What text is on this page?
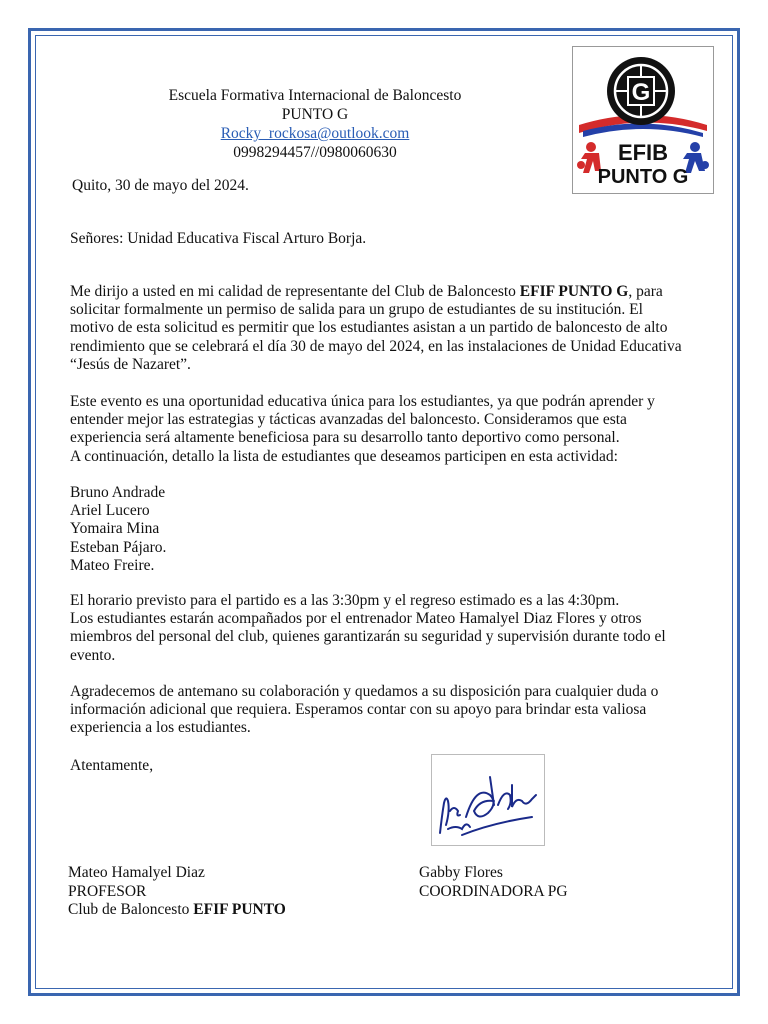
Escuela Formativa Internacional de Baloncesto
PUNTO G
Rocky_rockosa@outlook.com
0998294457//0980060630
G
EFIB
PUNTO G
Quito, 30 de mayo del 2024.
Señores: Unidad Educativa Fiscal Arturo Borja.

Me dirijo a usted en mi calidad de representante del Club de Baloncesto EFIF PUNTO G, para solicitar formalmente un permiso de salida para un grupo de estudiantes de su institución. El motivo de esta solicitud es permitir que los estudiantes asistan a un partido de baloncesto de alto rendimiento que se celebrará el día 30 de mayo del 2024, en las instalaciones de Unidad Educativa “Jesús de Nazaret”.

Este evento es una oportunidad educativa única para los estudiantes, ya que podrán aprender y entender mejor las estrategias y tácticas avanzadas del baloncesto. Consideramos que esta experiencia será altamente beneficiosa para su desarrollo tanto deportivo como personal.

A continuación, detallo la lista de estudiantes que deseamos participen en esta actividad:

Bruno Andrade
Ariel Lucero
Yomaira Mina
Esteban Pájaro.
Mateo Freire.

El horario previsto para el partido es a las 3:30pm y el regreso estimado es a las 4:30pm.

Los estudiantes estarán acompañados por el entrenador Mateo Hamalyel Diaz Flores y otros miembros del personal del club, quienes garantizarán su seguridad y supervisión durante todo el evento.

Agradecemos de antemano su colaboración y quedamos a su disposición para cualquier duda o información adicional que requiera. Esperamos contar con su apoyo para brindar esta valiosa experiencia a los estudiantes.

Atentamente,
Mateo Hamalyel Diaz
PROFESOR
Club de Baloncesto EFIF PUNTO
Gabby Flores
COORDINADORA PG
